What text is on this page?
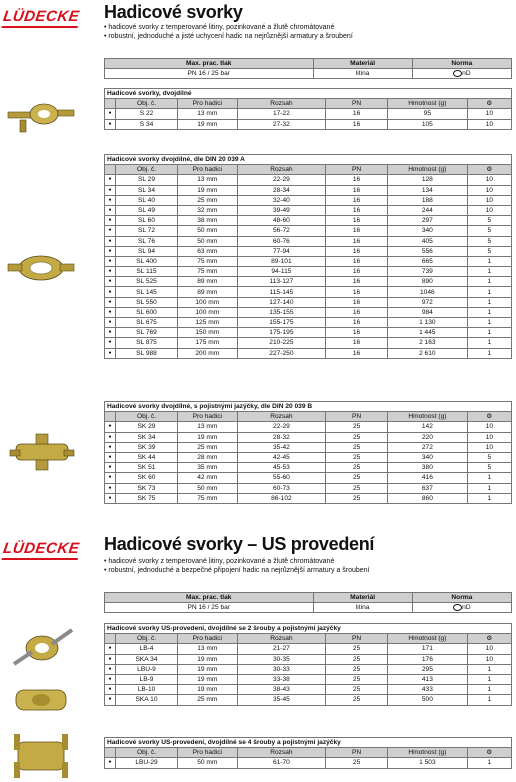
LÜDECKE Hadicové svorky
• hadicové svorky z temperované litiny, pozinkované a žlutě chromátované
• robustní, jednoduché a jisté uchycení hadic na nejrůznější armatury a šroubení
Max. prac. tlak	Materiál	Norma
PN 16 / 25 bar	litina	nD
Hadicové svorky, dvojdílné						
	Obj. č.	Pro hadici	Rozsah	PN	Hmotnost (g)	⚙
●	S 22	13 mm	17-22	16	95	10
●	S 34	19 mm	27-32	16	105	10
Hadicové svorky dvojdílné, dle DIN 20 039 A						
	Obj. č.	Pro hadici	Rozsah	PN	Hmotnost (g)	⚙
●	SL 29	13 mm	22-29	16	128	10
●	SL 34	19 mm	28-34	16	134	10
●	SL 40	25 mm	32-40	16	188	10
●	SL 49	32 mm	39-49	16	244	10
●	SL 60	38 mm	48-60	16	297	5
●	SL 72	50 mm	56-72	16	340	5
●	SL 76	50 mm	60-76	16	405	5
●	SL 94	63 mm	77-94	16	556	5
●	SL 400	75 mm	89-101	16	665	1
●	SL 115	75 mm	94-115	16	739	1
●	SL 525	89 mm	113-127	16	890	1
●	SL 145	89 mm	115-145	16	1046	1
●	SL 550	100 mm	127-140	16	972	1
●	SL 600	100 mm	135-155	16	984	1
●	SL 675	125 mm	155-175	16	1 130	1
●	SL 769	150 mm	175-195	16	1 445	1
●	SL 875	175 mm	210-225	16	2 163	1
●	SL 988	200 mm	227-250	16	2 610	1
Hadicové svorky dvojdílné, s pojistnými jazýčky, dle DIN 20 039 B						
	Obj. č.	Pro hadici	Rozsah	PN	Hmotnost (g)	⚙
●	SK 29	13 mm	22-29	25	142	10
●	SK 34	19 mm	28-32	25	220	10
●	SK 39	25 mm	35-42	25	272	10
●	SK 44	28 mm	42-45	25	340	5
●	SK 51	35 mm	45-53	25	380	5
●	SK 60	42 mm	55-60	25	416	1
●	SK 73	50 mm	60-73	25	637	1
●	SK 75	75 mm	86-102	25	860	1
LÜDECKE Hadicové svorky – US provedení
• hadicové svorky z temperované litiny, pozinkované a žlutě chromátované
• robustní, jednoduché a bezpečné připojení hadic na nejrůznější armatury a šroubení
Max. prac. tlak	Materiál	Norma
PN 16 / 25 bar	litina	nD
Hadicové svorky US-provedení, dvojdílné se 2 šrouby a pojistnými jazýčky						
	Obj. č.	Pro hadici	Rozsah	PN	Hmotnost (g)	⚙
●	LB-4	13 mm	21-27	25	171	10
●	SKA 34	19 mm	30-35	25	176	10
●	LBU-9	19 mm	30-33	25	295	1
●	LB-9	19 mm	33-38	25	413	1
●	LB-10	19 mm	38-43	25	433	1
●	SKA 10	25 mm	35-45	25	500	1
Hadicové svorky US-provedení, dvojdílné se 4 šrouby a pojistnými jazýčky						
	Obj. č.	Pro hadici	Rozsah	PN	Hmotnost (g)	⚙
●	LBU-29	50 mm	61-70	25	1 503	1
